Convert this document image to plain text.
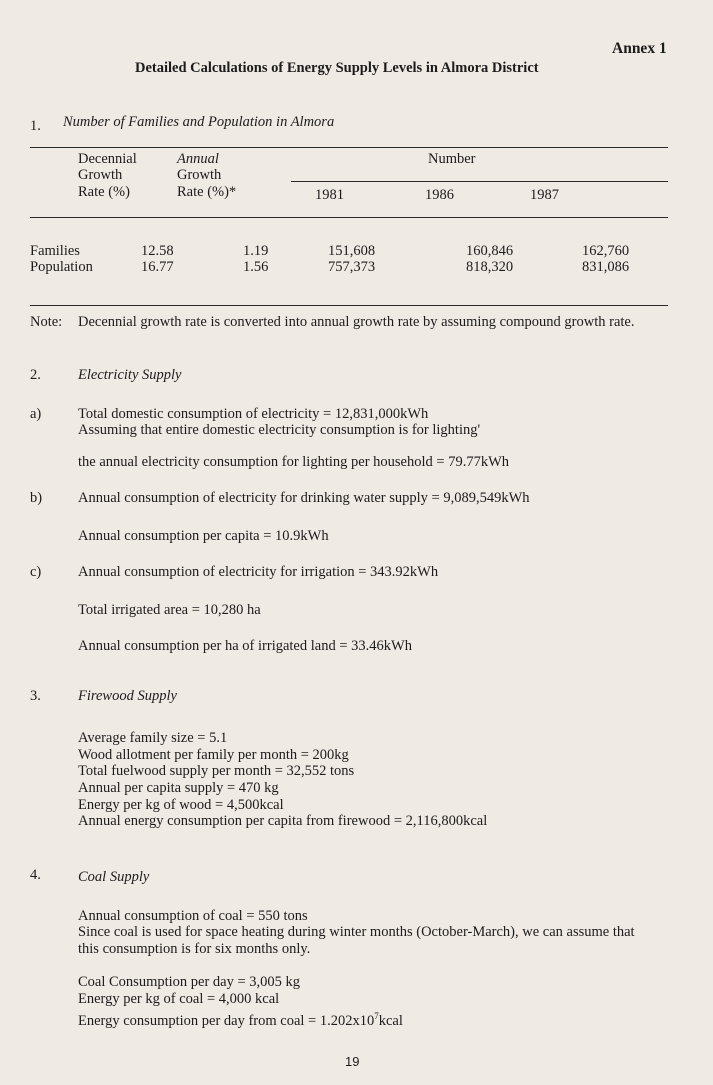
Annex 1
Detailed Calculations of Energy Supply Levels in Almora District
1. Number of Families and Population in Almora
Decennial
Growth
Rate (%)
Annual
Growth
Rate (%)*
Number
1981	1986	1987
Families	12.58	1.19	151,608	160,846	162,760
Population	16.77	1.56	757,373	818,320	831,086
Note: Decennial growth rate is converted into annual growth rate by assuming compound growth rate.
2.	Electricity Supply
a)	Total domestic consumption of electricity = 12,831,000kWh
Assuming that entire domestic electricity consumption is for lighting'
the annual electricity consumption for lighting per household = 79.77kWh
b) Annual consumption of electricity for drinking water supply = 9,089,549kWh
Annual consumption per capita = 10.9kWh
c)	Annual consumption of electricity for irrigation = 343.92kWh
Total irrigated area = 10,280 ha
Annual consumption per ha of irrigated land = 33.46kWh
3.	Firewood Supply
Average family size = 5.1
Wood allotment per family per month = 200kg
Total fuelwood supply per month = 32,552 tons
Annual per capita supply = 470 kg
Energy per kg of wood = 4,500kcal
Annual energy consumption per capita from firewood = 2,116,800kcal
4.	Coal Supply
Annual consumption of coal = 550 tons
Since coal is used for space heating during winter months (October-March), we can assume that
this consumption is for six months only.
Coal Consumption per day = 3,005 kg
Energy per kg of coal = 4,000 kcal
Energy consumption per day from coal = $1.202x10^7kcal$
19
